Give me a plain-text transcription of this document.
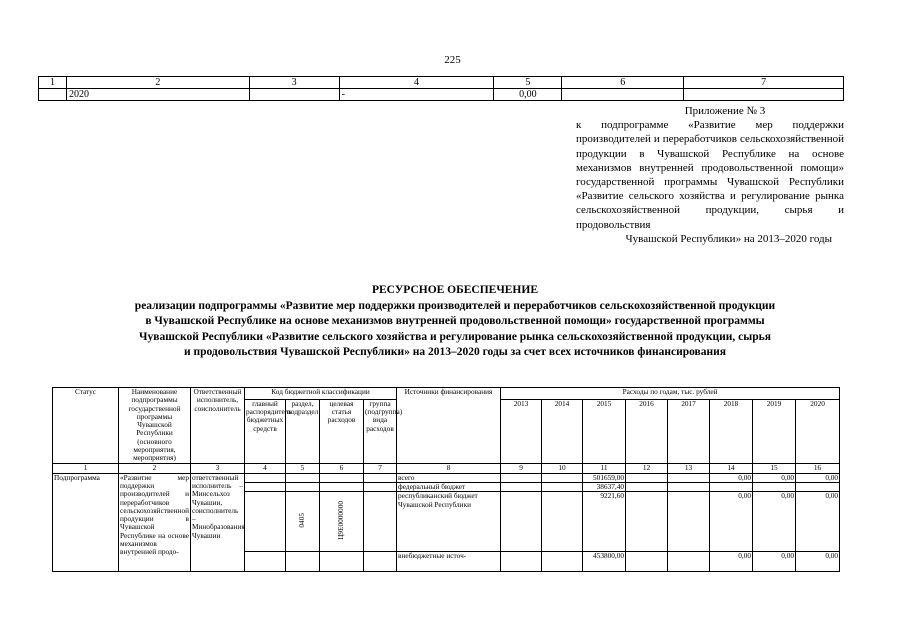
225
1	2	3	4	5	6	7
	2020		-	0,00		
Приложение № 3
к подпрограмме «Развитие мер поддержки производителей и переработчиков сельскохозяйственной продукции в Чувашской Республике на основе механизмов внутренней продовольственной помощи» государственной программы Чувашской Республики «Развитие сельского хозяйства и регулирование рынка сельскохозяйственной продукции, сырья и продовольствия
Чувашской Республики» на 2013–2020 годы
РЕСУРСНОЕ ОБЕСПЕЧЕНИЕ
реализации подпрограммы «Развитие мер поддержки производителей и переработчиков сельскохозяйственной продукции
в Чувашской Республике на основе механизмов внутренней продовольственной помощи» государственной программы
Чувашской Республики «Развитие сельского хозяйства и регулирование рынка сельскохозяйственной продукции, сырья
и продовольствия Чувашской Республики» на 2013–2020 годы за счет всех источников финансирования
Статус	Наименование подпрограммы государственной программы Чувашской Республики (основного мероприятия, мероприятия)	Ответственный исполнитель, соисполнитель	Код бюджетной классификации				Источники финансирования	Расходы по годам, тыс. рублей							
			главный распорядитель бюджетных средств	раздел, подраздел	целевая статья расходов	группа (подгруппа) вида расходов		2013	2014	2015	2016	2017	2018	2019	2020
1	2	3	4	5	6	7	8	9	10	11	12	13	14	15	16
Подпрограмма	«Развитие мер поддержки производителей и переработчиков сельскохозяйственной продукции в Чувашской Республике на основе механизмов внутренней продо-	ответственный исполнитель – Минсельхоз Чувашии, соисполнитель – Минобразования Чувашии					всего			501659,00			0,00	0,00	0,00
							федеральный бюджет			38637,40					
				0405	Ц9Е0000000		республиканский бюджет Чувашской Республики			9221,60			0,00	0,00	0,00
							внебюджетные источ-			453800,00			0,00	0,00	0,00
